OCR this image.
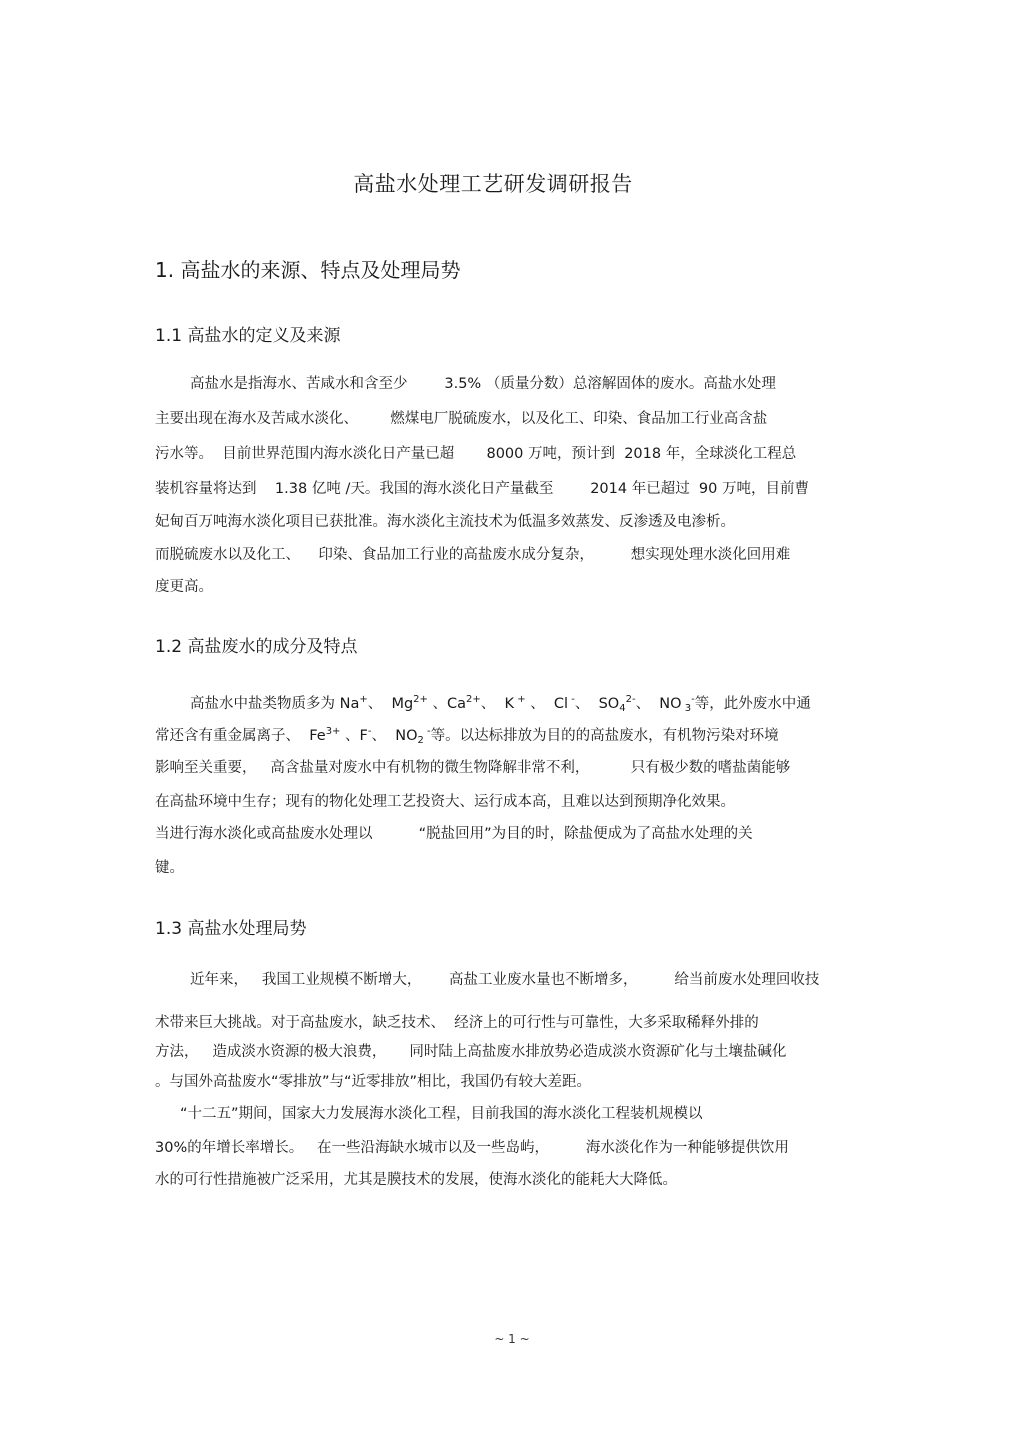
高盐水处理工艺研发调研报告
1. 高盐水的来源、特点及处理局势
1.1 高盐水的定义及来源
高盐水是指海水、苦咸水和含至少        3.5% （质量分数）总溶解固体的废水。高盐水处理
主要出现在海水及苦咸水淡化、       燃煤电厂脱硫废水，以及化工、印染、食品加工行业高含盐
污水等。  目前世界范围内海水淡化日产量已超       8000 万吨，预计到  2018 年，全球淡化工程总
装机容量将达到    1.38 亿吨 /天。我国的海水淡化日产量截至        2014 年已超过  90 万吨，目前曹
妃甸百万吨海水淡化项目已获批准。海水淡化主流技术为低温多效蒸发、反渗透及电渗析。
而脱硫废水以及化工、    印染、食品加工行业的高盐废水成分复杂，        想实现处理水淡化回用难
度更高。
1.2 高盐废水的成分及特点
高盐水中盐类物质多为 Na+、  $Mg^{2+}$ 、$Ca^{2+}$、  K + 、  Cl -、  $SO_4^{2-}$、  NO $_3$-等，此外废水中通
常还含有重金属离子、  $Fe^{3+}$ 、F-、  $NO_2$ -等。以达标排放为目的的高盐废水，有机物污染对环境
影响至关重要，   高含盐量对废水中有机物的微生物降解非常不利，         只有极少数的嗜盐菌能够
在高盐环境中生存；现有的物化处理工艺投资大、运行成本高，且难以达到预期净化效果。
当进行海水淡化或高盐废水处理以          “脱盐回用”为目的时，除盐便成为了高盐水处理的关
键。
1.3 高盐水处理局势
近年来，   我国工业规模不断增大，      高盐工业废水量也不断增多，        给当前废水处理回收技
术带来巨大挑战。对于高盐废水，缺乏技术、  经济上的可行性与可靠性，大多采取稀释外排的
方法，   造成淡水资源的极大浪费，     同时陆上高盐废水排放势必造成淡水资源矿化与土壤盐碱化
。与国外高盐废水“零排放”与“近零排放”相比，我国仍有较大差距。
“十二五”期间，国家大力发展海水淡化工程，目前我国的海水淡化工程装机规模以
30%的年增长率增长。   在一些沿海缺水城市以及一些岛屿，        海水淡化作为一种能够提供饮用
水的可行性措施被广泛采用，尤其是膜技术的发展，使海水淡化的能耗大大降低。
~ 1 ~
